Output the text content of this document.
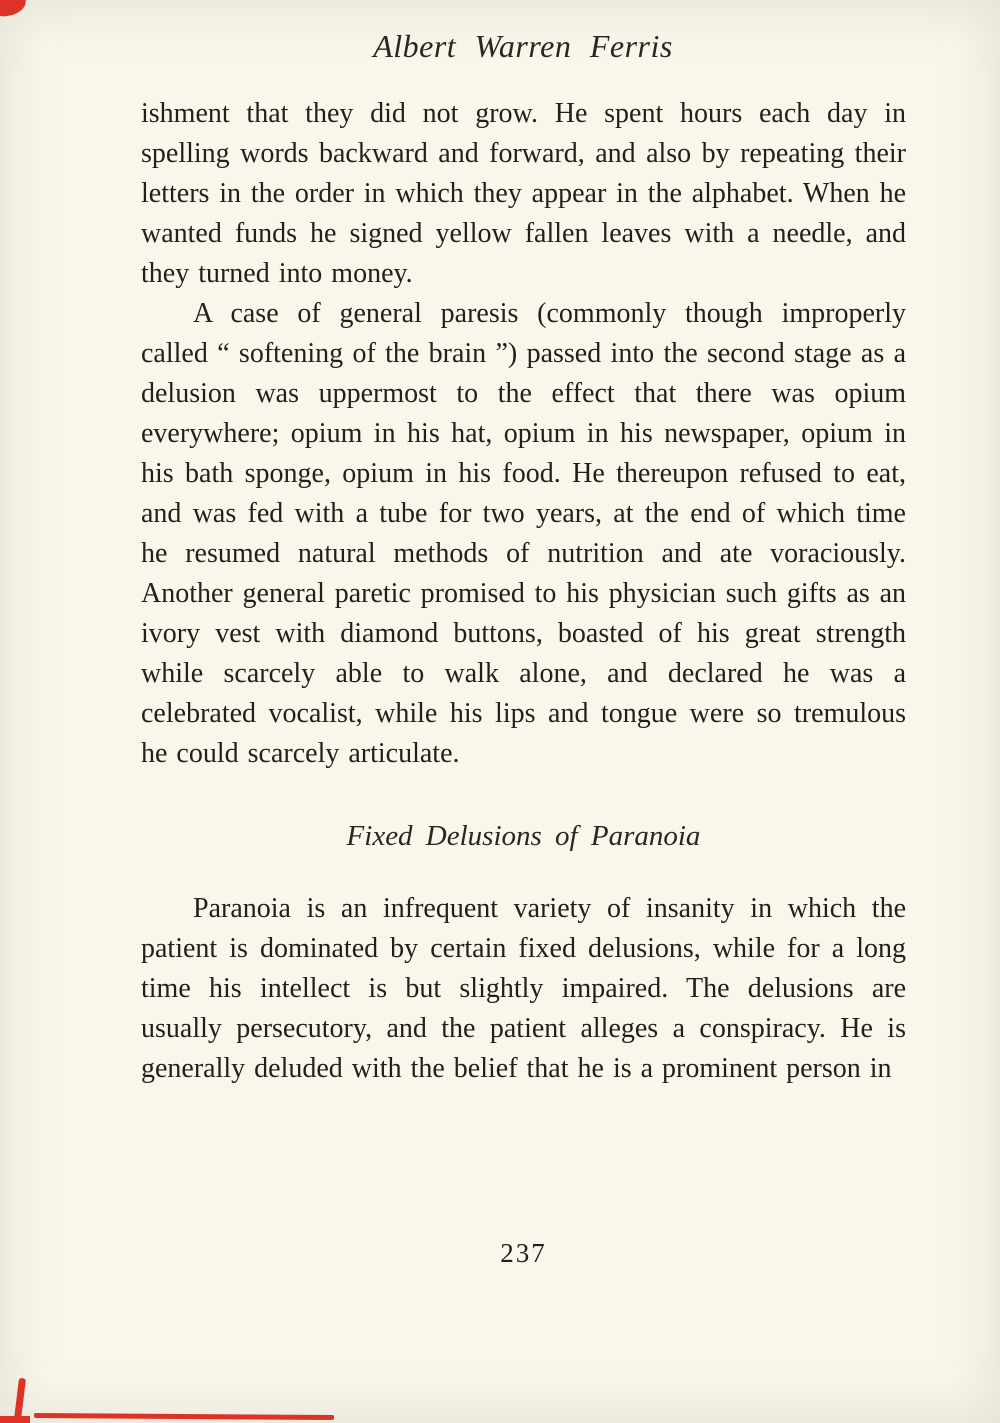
Albert Warren Ferris

ishment that they did not grow. He spent hours each day in spelling words backward and forward, and also by repeating their letters in the order in which they appear in the alphabet. When he wanted funds he signed yellow fallen leaves with a needle, and they turned into money.

A case of general paresis (commonly though improperly called “ softening of the brain ”) passed into the second stage as a delusion was uppermost to the effect that there was opium everywhere; opium in his hat, opium in his newspaper, opium in his bath sponge, opium in his food. He thereupon refused to eat, and was fed with a tube for two years, at the end of which time he resumed natural methods of nutrition and ate voraciously. Another general paretic promised to his physician such gifts as an ivory vest with diamond buttons, boasted of his great strength while scarcely able to walk alone, and declared he was a celebrated vocalist, while his lips and tongue were so tremulous he could scarcely articulate.

Fixed Delusions of Paranoia

Paranoia is an infrequent variety of insanity in which the patient is dominated by certain fixed delusions, while for a long time his intellect is but slightly impaired. The delusions are usually persecutory, and the patient alleges a conspiracy. He is generally deluded with the belief that he is a prominent person in

237
